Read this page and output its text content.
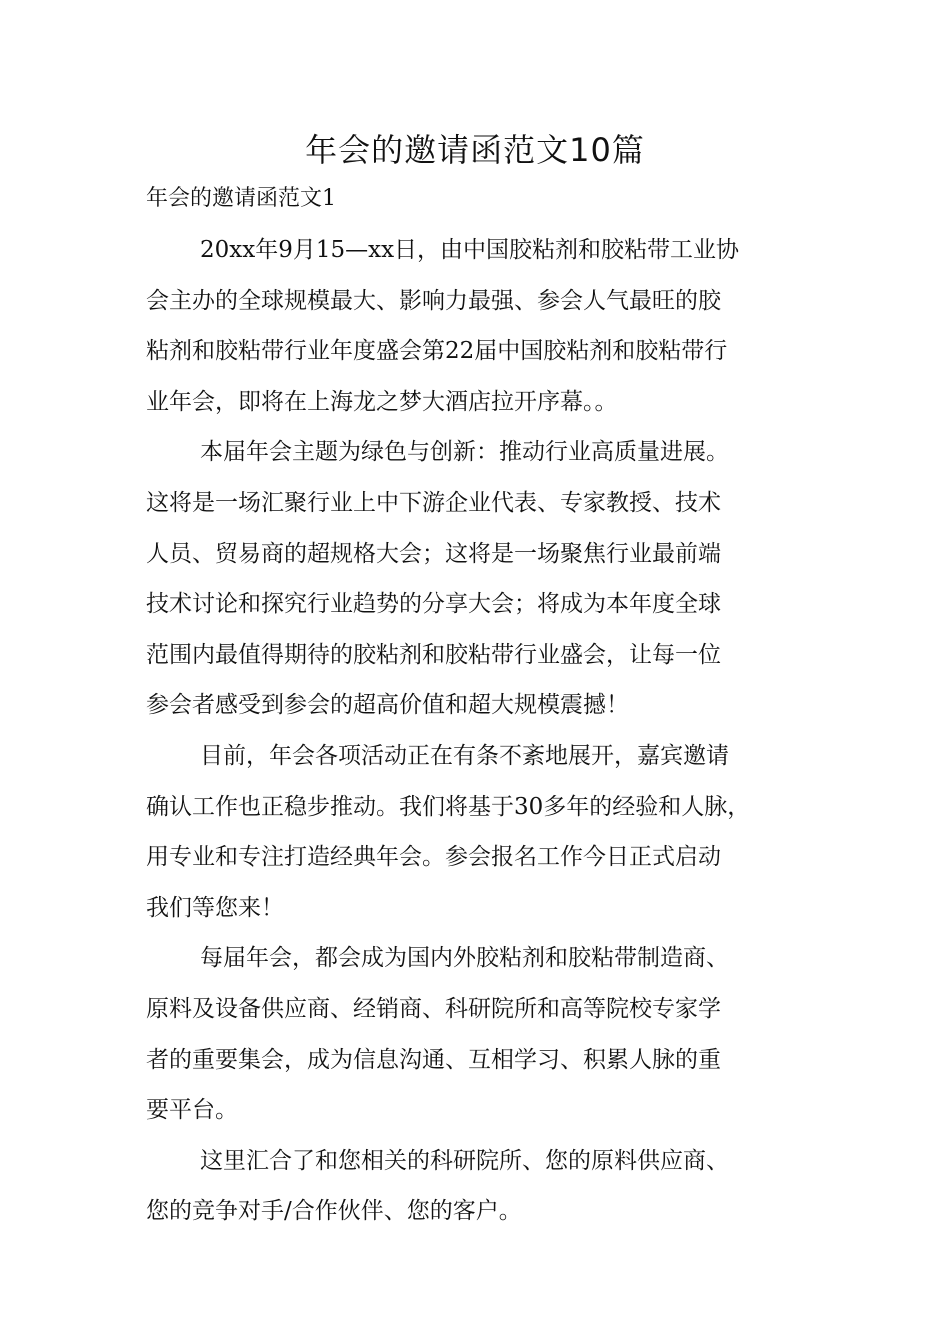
年会的邀请函范文10篇
年会的邀请函范文1
20xx年9月15—xx日，由中国胶粘剂和胶粘带工业协
会主办的全球规模最大、影响力最强、参会人气最旺的胶
粘剂和胶粘带行业年度盛会第22届中国胶粘剂和胶粘带行
业年会，即将在上海龙之梦大酒店拉开序幕。。
本届年会主题为绿色与创新：推动行业高质量进展。
这将是一场汇聚行业上中下游企业代表、专家教授、技术
人员、贸易商的超规格大会；这将是一场聚焦行业最前端
技术讨论和探究行业趋势的分享大会；将成为本年度全球
范围内最值得期待的胶粘剂和胶粘带行业盛会，让每一位
参会者感受到参会的超高价值和超大规模震撼！
目前，年会各项活动正在有条不紊地展开，嘉宾邀请
确认工作也正稳步推动。我们将基于30多年的经验和人脉，
用专业和专注打造经典年会。参会报名工作今日正式启动
我们等您来！
每届年会，都会成为国内外胶粘剂和胶粘带制造商、
原料及设备供应商、经销商、科研院所和高等院校专家学
者的重要集会，成为信息沟通、互相学习、积累人脉的重
要平台。
这里汇合了和您相关的科研院所、您的原料供应商、
您的竞争对手/合作伙伴、您的客户。
